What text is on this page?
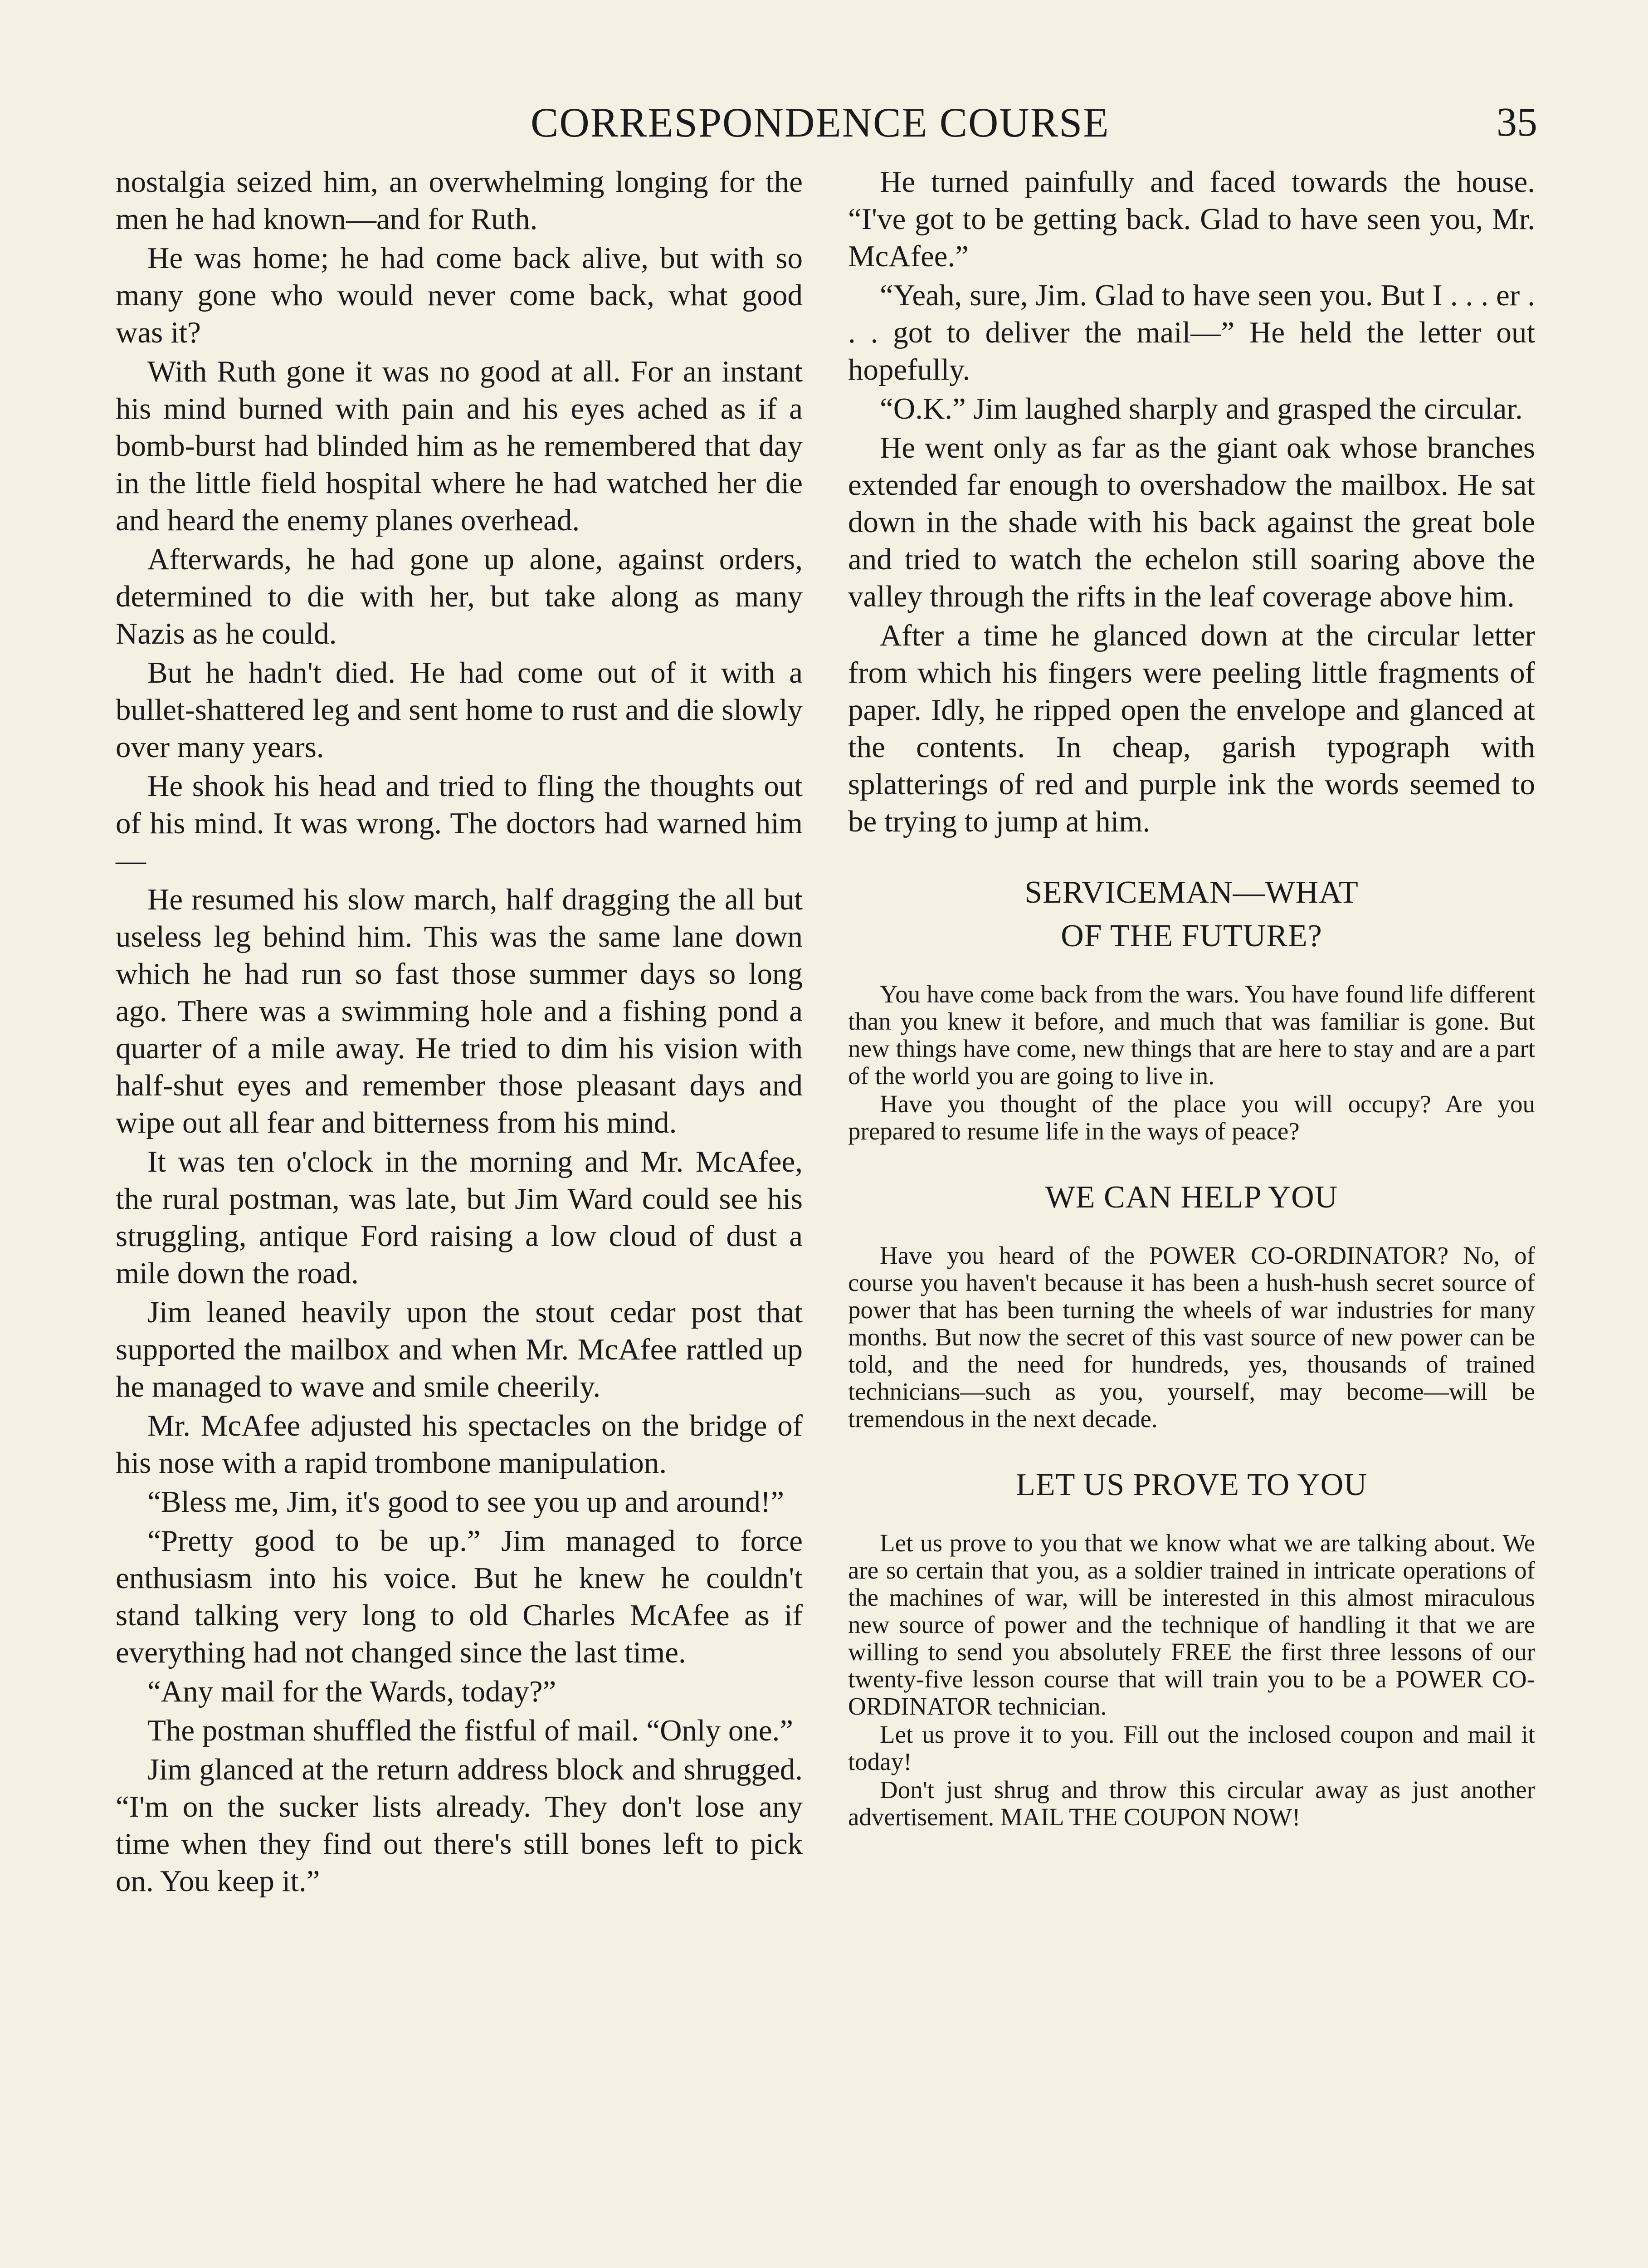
CORRESPONDENCE COURSE	35

nostalgia seized him, an overwhelming longing for the men he had known—and for Ruth.

He was home; he had come back alive, but with so many gone who would never come back, what good was it?

With Ruth gone it was no good at all. For an instant his mind burned with pain and his eyes ached as if a bomb-burst had blinded him as he remembered that day in the little field hospital where he had watched her die and heard the enemy planes overhead.

Afterwards, he had gone up alone, against orders, determined to die with her, but take along as many Nazis as he could.

But he hadn't died. He had come out of it with a bullet-shattered leg and sent home to rust and die slowly over many years.

He shook his head and tried to fling the thoughts out of his mind. It was wrong. The doctors had warned him—

He resumed his slow march, half dragging the all but useless leg behind him. This was the same lane down which he had run so fast those summer days so long ago. There was a swimming hole and a fishing pond a quarter of a mile away. He tried to dim his vision with half-shut eyes and remember those pleasant days and wipe out all fear and bitterness from his mind.

It was ten o'clock in the morning and Mr. McAfee, the rural postman, was late, but Jim Ward could see his struggling, antique Ford raising a low cloud of dust a mile down the road.

Jim leaned heavily upon the stout cedar post that supported the mailbox and when Mr. McAfee rattled up he managed to wave and smile cheerily.

Mr. McAfee adjusted his spectacles on the bridge of his nose with a rapid trombone manipulation.

“Bless me, Jim, it's good to see you up and around!”

“Pretty good to be up.” Jim managed to force enthusiasm into his voice. But he knew he couldn't stand talking very long to old Charles McAfee as if everything had not changed since the last time.

“Any mail for the Wards, today?”

The postman shuffled the fistful of mail. “Only one.”

Jim glanced at the return address block and shrugged. “I'm on the sucker lists already. They don't lose any time when they find out there's still bones left to pick on. You keep it.”

He turned painfully and faced towards the house. “I've got to be getting back. Glad to have seen you, Mr. McAfee.”

“Yeah, sure, Jim. Glad to have seen you. But I . . . er . . . got to deliver the mail—” He held the letter out hopefully.

“O.K.” Jim laughed sharply and grasped the circular.

He went only as far as the giant oak whose branches extended far enough to overshadow the mailbox. He sat down in the shade with his back against the great bole and tried to watch the echelon still soaring above the valley through the rifts in the leaf coverage above him.

After a time he glanced down at the circular letter from which his fingers were peeling little fragments of paper. Idly, he ripped open the envelope and glanced at the contents. In cheap, garish typograph with splatterings of red and purple ink the words seemed to be trying to jump at him.

SERVICEMAN—WHAT
OF THE FUTURE?

You have come back from the wars. You have found life different than you knew it before, and much that was familiar is gone. But new things have come, new things that are here to stay and are a part of the world you are going to live in.

Have you thought of the place you will occupy? Are you prepared to resume life in the ways of peace?

WE CAN HELP YOU

Have you heard of the POWER CO-ORDINATOR? No, of course you haven't because it has been a hush-hush secret source of power that has been turning the wheels of war industries for many months. But now the secret of this vast source of new power can be told, and the need for hundreds, yes, thousands of trained technicians—such as you, yourself, may become—will be tremendous in the next decade.

LET US PROVE TO YOU

Let us prove to you that we know what we are talking about. We are so certain that you, as a soldier trained in intricate operations of the machines of war, will be interested in this almost miraculous new source of power and the technique of handling it that we are willing to send you absolutely FREE the first three lessons of our twenty-five lesson course that will train you to be a POWER CO-ORDINATOR technician.

Let us prove it to you. Fill out the inclosed coupon and mail it today!

Don't just shrug and throw this circular away as just another advertisement. MAIL THE COUPON NOW!
